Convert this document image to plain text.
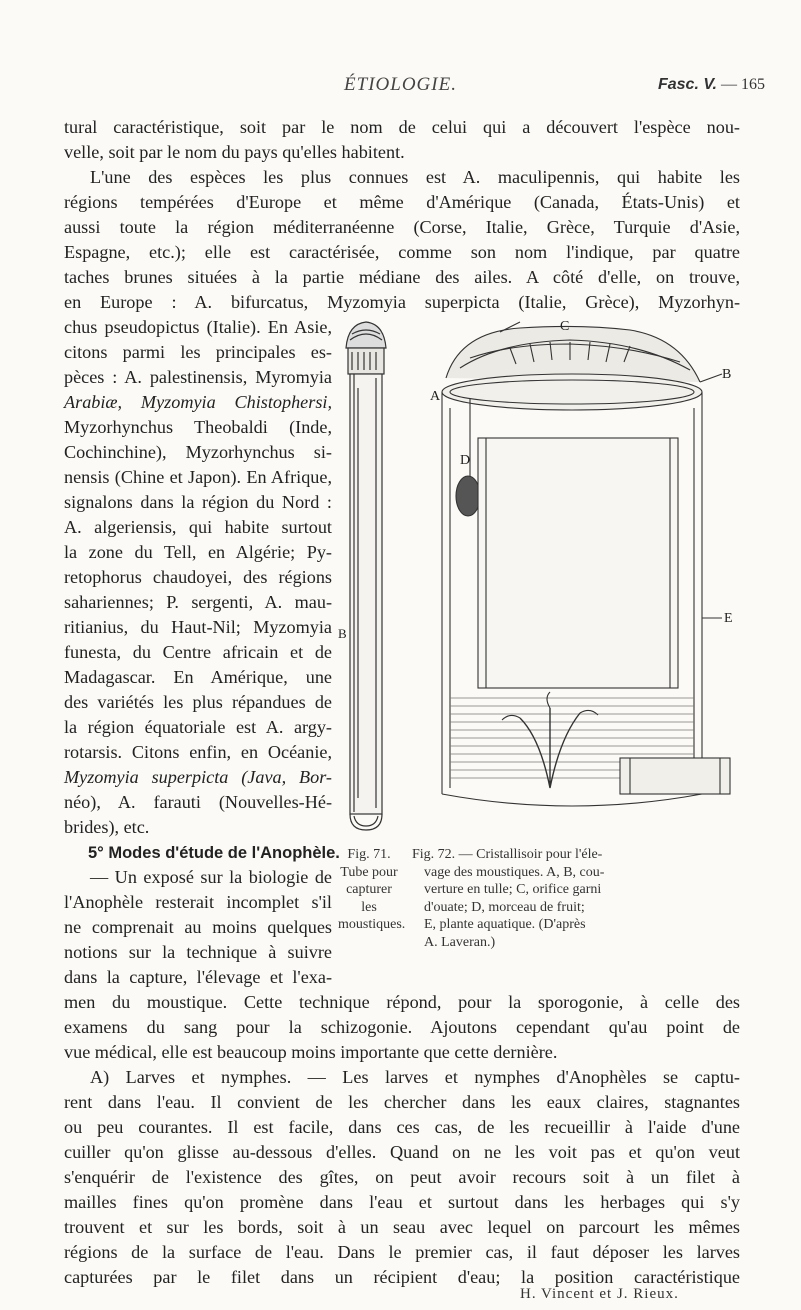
ÉTIOLOGIE.	Fasc. V. — 165
tural caractéristique, soit par le nom de celui qui a découvert l'espèce nou-
velle, soit par le nom du pays qu'elles habitent.
L'une des espèces les plus connues est A. maculipennis, qui habite les
régions tempérées d'Europe et même d'Amérique (Canada, États-Unis) et
aussi toute la région méditerranéenne (Corse, Italie, Grèce, Turquie d'Asie,
Espagne, etc.); elle est caractérisée, comme son nom l'indique, par quatre
taches brunes situées à la partie médiane des ailes. A côté d'elle, on trouve,
en Europe : A. bifurcatus, Myzomyia superpicta (Italie, Grèce), Myzorhyn-
chus pseudopictus (Italie). En Asie,
citons parmi les principales es-
pèces : A. palestinensis, Myromyia
Arabiæ, Myzomyia Chistophersi,
Myzorhynchus Theobaldi (Inde,
Cochinchine), Myzorhynchus si-
nensis (Chine et Japon). En Afrique,
signalons dans la région du Nord :
A. algeriensis, qui habite surtout
la zone du Tell, en Algérie; Py-
retophorus chaudoyei, des régions
sahariennes; P. sergenti, A. mau-
ritianius, du Haut-Nil; Myzomyia
funesta, du Centre africain et de
Madagascar. En Amérique, une
des variétés les plus répandues de
la région équatoriale est A. argy-
rotarsis. Citons enfin, en Océanie,
Myzomyia superpicta (Java, Bor-
néo), A. farauti (Nouvelles-Hé-
brides), etc.
5° Modes d'étude de l'Anophèle.
— Un exposé sur la biologie de
l'Anophèle resterait incomplet s'il
ne comprenait au moins quelques
notions sur la technique à suivre
dans la capture, l'élevage et l'exa-
men du moustique. Cette technique répond, pour la sporogonie, à celle des
examens du sang pour la schizogonie. Ajoutons cependant qu'au point de
vue médical, elle est beaucoup moins importante que cette dernière.
A) Larves et nymphes. — Les larves et nymphes d'Anophèles se captu-
rent dans l'eau. Il convient de les chercher dans les eaux claires, stagnantes
ou peu courantes. Il est facile, dans ces cas, de les recueillir à l'aide d'une
cuiller qu'on glisse au-dessous d'elles. Quand on ne les voit pas et qu'on veut
s'enquérir de l'existence des gîtes, on peut avoir recours soit à un filet à
mailles fines qu'on promène dans l'eau et surtout dans les herbages qui s'y
trouvent et sur les bords, soit à un seau avec lequel on parcourt les mêmes
régions de la surface de l'eau. Dans le premier cas, il faut déposer les larves
capturées par le filet dans un récipient d'eau; la position caractéristique
H. Vincent et J. Rieux.
B
C
A
B
D
E
Fig. 71.
Tube pour
capturer les
moustiques.
Fig. 72. — Cristallisoir pour l'éle-
vage des moustiques. A, B, cou-
verture en tulle; C, orifice garni
d'ouate; D, morceau de fruit;
E, plante aquatique. (D'après
A. Laveran.)
